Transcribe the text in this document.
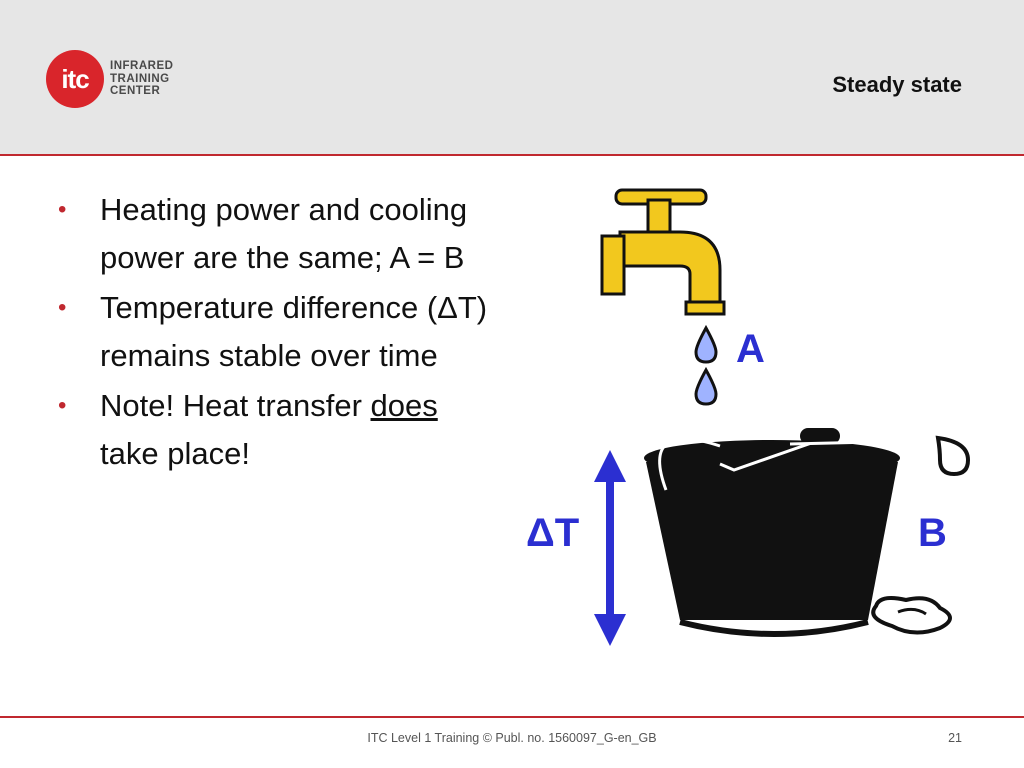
itc INFRARED
TRAINING
CENTER	Steady state
• Heating power and cooling power are the same; A = B
• Temperature difference (ΔT) remains stable over time
• Note! Heat transfer does take place!
A
B
ΔT
ITC Level 1 Training © Publ. no. 1560097_G-en_GB	21
